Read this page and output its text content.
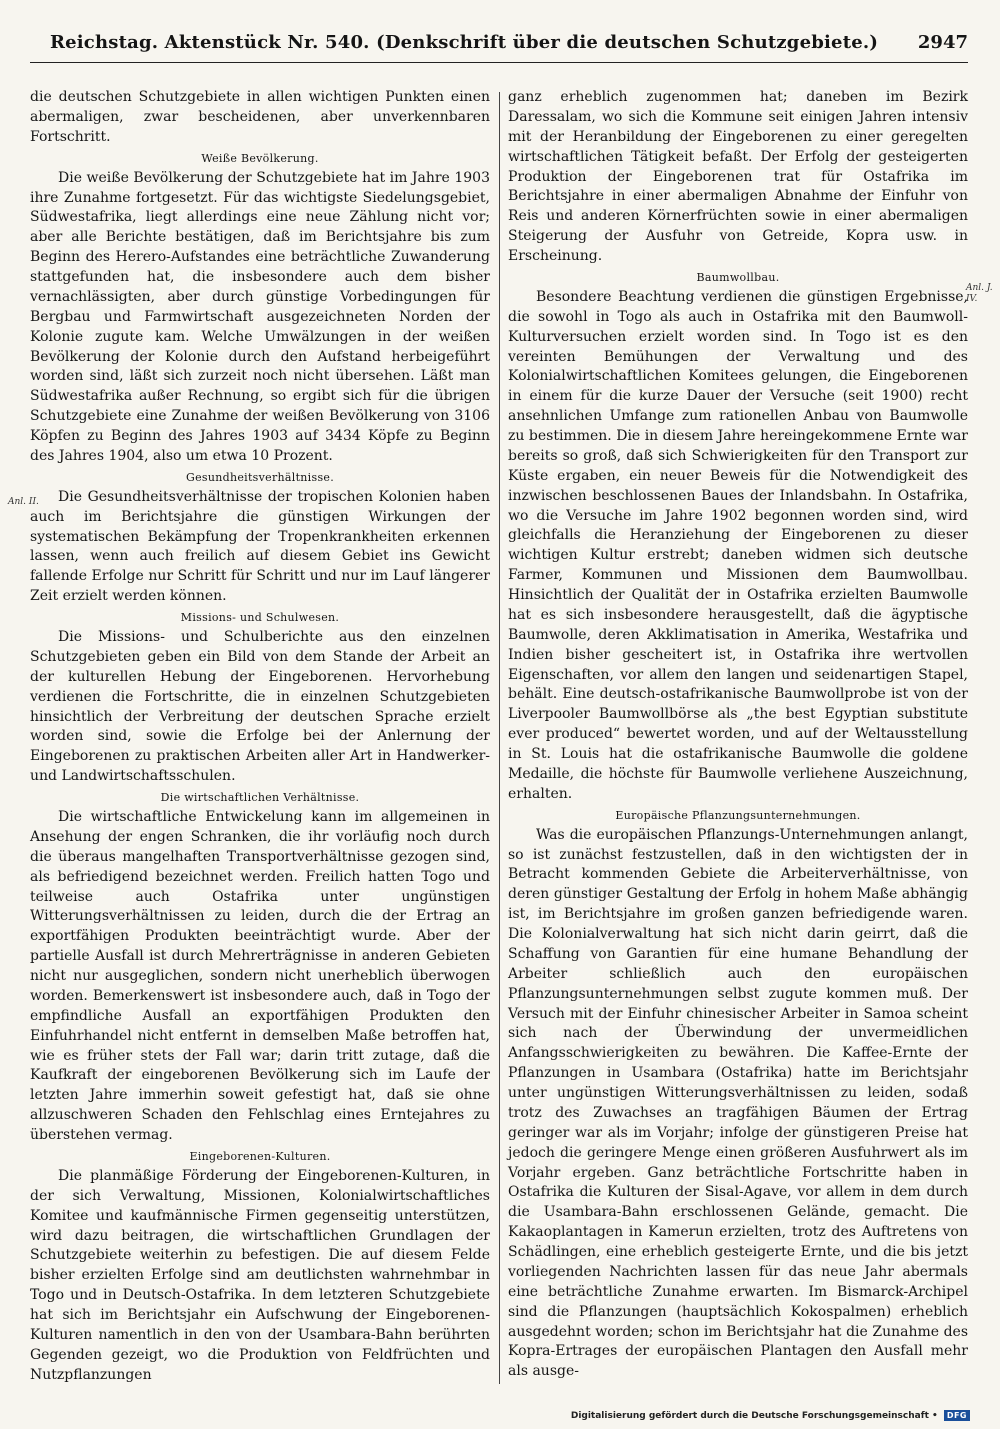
Reichstag. Aktenstück Nr. 540. (Denkschrift über die deutschen Schutzgebiete.)	2947
Anl. II.
Anl. J. IV.

die deutschen Schutzgebiete in allen wichtigen Punkten einen abermaligen, zwar bescheidenen, aber unverkennbaren Fortschritt.

Weiße Bevölkerung.

Die weiße Bevölkerung der Schutzgebiete hat im Jahre 1903 ihre Zunahme fortgesetzt. Für das wichtigste Siedelungsgebiet, Südwestafrika, liegt allerdings eine neue Zählung nicht vor; aber alle Berichte bestätigen, daß im Berichtsjahre bis zum Beginn des Herero-Aufstandes eine beträchtliche Zuwanderung stattgefunden hat, die insbesondere auch dem bisher vernachlässigten, aber durch günstige Vorbedingungen für Bergbau und Farmwirtschaft ausgezeichneten Norden der Kolonie zugute kam. Welche Umwälzungen in der weißen Bevölkerung der Kolonie durch den Aufstand herbeigeführt worden sind, läßt sich zurzeit noch nicht übersehen. Läßt man Südwestafrika außer Rechnung, so ergibt sich für die übrigen Schutzgebiete eine Zunahme der weißen Bevölkerung von 3106 Köpfen zu Beginn des Jahres 1903 auf 3434 Köpfe zu Beginn des Jahres 1904, also um etwa 10 Prozent.

Gesundheitsverhältnisse.

Die Gesundheitsverhältnisse der tropischen Kolonien haben auch im Berichtsjahre die günstigen Wirkungen der systematischen Bekämpfung der Tropenkrankheiten erkennen lassen, wenn auch freilich auf diesem Gebiet ins Gewicht fallende Erfolge nur Schritt für Schritt und nur im Lauf längerer Zeit erzielt werden können.

Missions- und Schulwesen.

Die Missions- und Schulberichte aus den einzelnen Schutzgebieten geben ein Bild von dem Stande der Arbeit an der kulturellen Hebung der Eingeborenen. Hervorhebung verdienen die Fortschritte, die in einzelnen Schutzgebieten hinsichtlich der Verbreitung der deutschen Sprache erzielt worden sind, sowie die Erfolge bei der Anlernung der Eingeborenen zu praktischen Arbeiten aller Art in Handwerker- und Landwirtschaftsschulen.

Die wirtschaftlichen Verhältnisse.

Die wirtschaftliche Entwickelung kann im allgemeinen in Ansehung der engen Schranken, die ihr vorläufig noch durch die überaus mangelhaften Transportverhältnisse gezogen sind, als befriedigend bezeichnet werden. Freilich hatten Togo und teilweise auch Ostafrika unter ungünstigen Witterungsverhältnissen zu leiden, durch die der Ertrag an exportfähigen Produkten beeinträchtigt wurde. Aber der partielle Ausfall ist durch Mehrerträgnisse in anderen Gebieten nicht nur ausgeglichen, sondern nicht unerheblich überwogen worden. Bemerkenswert ist insbesondere auch, daß in Togo der empfindliche Ausfall an exportfähigen Produkten den Einfuhrhandel nicht entfernt in demselben Maße betroffen hat, wie es früher stets der Fall war; darin tritt zutage, daß die Kaufkraft der eingeborenen Bevölkerung sich im Laufe der letzten Jahre immerhin soweit gefestigt hat, daß sie ohne allzuschweren Schaden den Fehlschlag eines Erntejahres zu überstehen vermag.

Eingeborenen-Kulturen.

Die planmäßige Förderung der Eingeborenen-Kulturen, in der sich Verwaltung, Missionen, Kolonialwirtschaftliches Komitee und kaufmännische Firmen gegenseitig unterstützen, wird dazu beitragen, die wirtschaftlichen Grundlagen der Schutzgebiete weiterhin zu befestigen. Die auf diesem Felde bisher erzielten Erfolge sind am deutlichsten wahrnehmbar in Togo und in Deutsch-Ostafrika. In dem letzteren Schutzgebiete hat sich im Berichtsjahr ein Aufschwung der Eingeborenen-Kulturen namentlich in den von der Usambara-Bahn berührten Gegenden gezeigt, wo die Produktion von Feldfrüchten und Nutzpflanzungen

ganz erheblich zugenommen hat; daneben im Bezirk Daressalam, wo sich die Kommune seit einigen Jahren intensiv mit der Heranbildung der Eingeborenen zu einer geregelten wirtschaftlichen Tätigkeit befaßt. Der Erfolg der gesteigerten Produktion der Eingeborenen trat für Ostafrika im Berichtsjahre in einer abermaligen Abnahme der Einfuhr von Reis und anderen Körnerfrüchten sowie in einer abermaligen Steigerung der Ausfuhr von Getreide, Kopra usw. in Erscheinung.

Baumwollbau.

Besondere Beachtung verdienen die günstigen Ergebnisse, die sowohl in Togo als auch in Ostafrika mit den Baumwoll-Kulturversuchen erzielt worden sind. In Togo ist es den vereinten Bemühungen der Verwaltung und des Kolonialwirtschaftlichen Komitees gelungen, die Eingeborenen in einem für die kurze Dauer der Versuche (seit 1900) recht ansehnlichen Umfange zum rationellen Anbau von Baumwolle zu bestimmen. Die in diesem Jahre hereingekommene Ernte war bereits so groß, daß sich Schwierigkeiten für den Transport zur Küste ergaben, ein neuer Beweis für die Notwendigkeit des inzwischen beschlossenen Baues der Inlandsbahn. In Ostafrika, wo die Versuche im Jahre 1902 begonnen worden sind, wird gleichfalls die Heranziehung der Eingeborenen zu dieser wichtigen Kultur erstrebt; daneben widmen sich deutsche Farmer, Kommunen und Missionen dem Baumwollbau. Hinsichtlich der Qualität der in Ostafrika erzielten Baumwolle hat es sich insbesondere herausgestellt, daß die ägyptische Baumwolle, deren Akklimatisation in Amerika, Westafrika und Indien bisher gescheitert ist, in Ostafrika ihre wertvollen Eigenschaften, vor allem den langen und seidenartigen Stapel, behält. Eine deutsch-ostafrikanische Baumwollprobe ist von der Liverpooler Baumwollbörse als „the best Egyptian substitute ever produced“ bewertet worden, und auf der Weltausstellung in St. Louis hat die ostafrikanische Baumwolle die goldene Medaille, die höchste für Baumwolle verliehene Auszeichnung, erhalten.

Europäische Pflanzungsunternehmungen.

Was die europäischen Pflanzungs-Unternehmungen anlangt, so ist zunächst festzustellen, daß in den wichtigsten der in Betracht kommenden Gebiete die Arbeiterverhältnisse, von deren günstiger Gestaltung der Erfolg in hohem Maße abhängig ist, im Berichtsjahre im großen ganzen befriedigende waren. Die Kolonialverwaltung hat sich nicht darin geirrt, daß die Schaffung von Garantien für eine humane Behandlung der Arbeiter schließlich auch den europäischen Pflanzungsunternehmungen selbst zugute kommen muß. Der Versuch mit der Einfuhr chinesischer Arbeiter in Samoa scheint sich nach der Überwindung der unvermeidlichen Anfangsschwierigkeiten zu bewähren. Die Kaffee-Ernte der Pflanzungen in Usambara (Ostafrika) hatte im Berichtsjahr unter ungünstigen Witterungsverhältnissen zu leiden, sodaß trotz des Zuwachses an tragfähigen Bäumen der Ertrag geringer war als im Vorjahr; infolge der günstigeren Preise hat jedoch die geringere Menge einen größeren Ausfuhrwert als im Vorjahr ergeben. Ganz beträchtliche Fortschritte haben in Ostafrika die Kulturen der Sisal-Agave, vor allem in dem durch die Usambara-Bahn erschlossenen Gelände, gemacht. Die Kakaoplantagen in Kamerun erzielten, trotz des Auftretens von Schädlingen, eine erheblich gesteigerte Ernte, und die bis jetzt vorliegenden Nachrichten lassen für das neue Jahr abermals eine beträchtliche Zunahme erwarten. Im Bismarck-Archipel sind die Pflanzungen (hauptsächlich Kokospalmen) erheblich ausgedehnt worden; schon im Berichtsjahr hat die Zunahme des Kopra-Ertrages der europäischen Plantagen den Ausfall mehr als ausge-

Digitalisierung gefördert durch die Deutsche Forschungsgemeinschaft •	DFG
